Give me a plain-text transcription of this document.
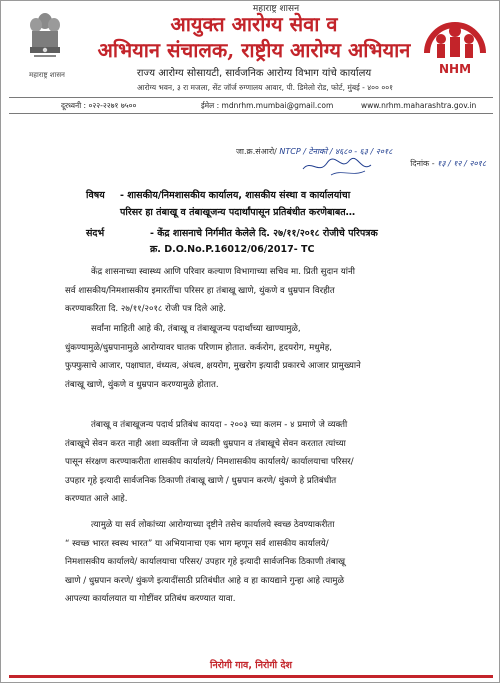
महाराष्ट्र शासन
महाराष्ट्र शासन
आयुक्त आरोग्य सेवा व
अभियान संचालक, राष्ट्रीय आरोग्य अभियान
राज्य आरोग्य सोसायटी, सार्वजनिक आरोग्य विभाग यांचे कार्यालय	NHM
आरोग्य भवन, ३ रा मजला, सेंट जॉर्ज रुग्णालय आवार, पी. डिमेलो रोड, फोर्ट, मुंबई - ४०० ००१
दूरध्वनी : ०२२-२२७१ ७५००	ईमेल : mdnrhm.mumbai@gmail.com	www.nrhm.maharashtra.gov.in
जा.क्र.संआरो/ NTCP / टेनाको / ४६८० - ६३ / २०१८
दिनांक - १३ / १२ / २०१८
विषय - शासकीय/निमशासकीय कार्यालय, शासकीय संस्था व कार्यालयांचा
परिसर हा तंबाखू व तंबाखूजन्य पदार्थांपासून प्रतिबंधीत करणेबाबत…
संदर्भ	- केंद्र शासनाचे निर्गमीत केलेले दि. २७/११/२०१८ रोजीचे परिपत्रक
क्र. D.O.No.P.16012/06/2017- TC
केंद्र शासनाच्या स्वास्थ्य आणि परिवार कल्याण विभागाच्या सचिव मा. प्रिती सुदान यांनी
सर्व शासकीय/निमशासकीय इमारतींचा परिसर हा तंबाखू खाणे, थुंकणे व धुम्रपान विरहीत
करण्याकरिता दि. २७/११/२०१८ रोजी पत्र दिले आहे.
सर्वांना माहिती आहे की, तंबाखू व तंबाखूजन्य पदार्थांच्या खाण्यामुळे,
धुंकण्यामुळे/धुम्रपानामुळे आरोग्यावर घातक परिणाम होतात. कर्करोग, हृदयरोग, मधुमेह,
फुफ्फुसाचे आजार, पक्षाघात, वंध्यत्व, अंधत्व, क्षयरोग, मुखरोग इत्यादी प्रकारचे आजार प्रामुख्याने
तंबाखू खाणे, थुंकणे व धुम्रपान करण्यामुळे होतात.
तंबाखू व तंबाखूजन्य पदार्थ प्रतिबंध कायदा - २००३ च्या कलम - ४ प्रमाणे जे व्यक्ती
तंबाखूचे सेवन करत नाही अशा व्यक्तींना जे व्यक्ती धुम्रपान व तंबाखूचे सेवन करतात त्यांच्या
पासून संरक्षण करण्याकरीता शासकीय कार्यालये/ निमशासकीय कार्यालये/ कार्यालयाचा परिसर/
उपहार गृहे इत्यादी सार्वजनिक ठिकाणी तंबाखू खाणे / धुम्रपान करणे/ थुंकणे हे प्रतिबंधीत
करण्यात आले आहे.
त्यामुळे या सर्व लोकांच्या आरोग्याच्या दृष्टीने तसेच कार्यालये स्वच्छ ठेवण्याकरीता
“ स्वच्छ भारत स्वस्थ भारत” या अभियानाचा एक भाग म्हणून सर्व शासकीय कार्यालये/
निमशासकीय कार्यालये/ कार्यालयाचा परिसर/ उपहार गृहे इत्यादी सार्वजनिक ठिकाणी तंबाखू
खाणे / धुम्रपान करणे/ थुंकणे इत्यादींसाठी प्रतिबंधीत आहे व हा कायद्याने गुन्हा आहे त्यामुळे
आपल्या कार्यालयात या गोष्टींवर प्रतिबंध करण्यात यावा.
निरोगी गाव, निरोगी देश
